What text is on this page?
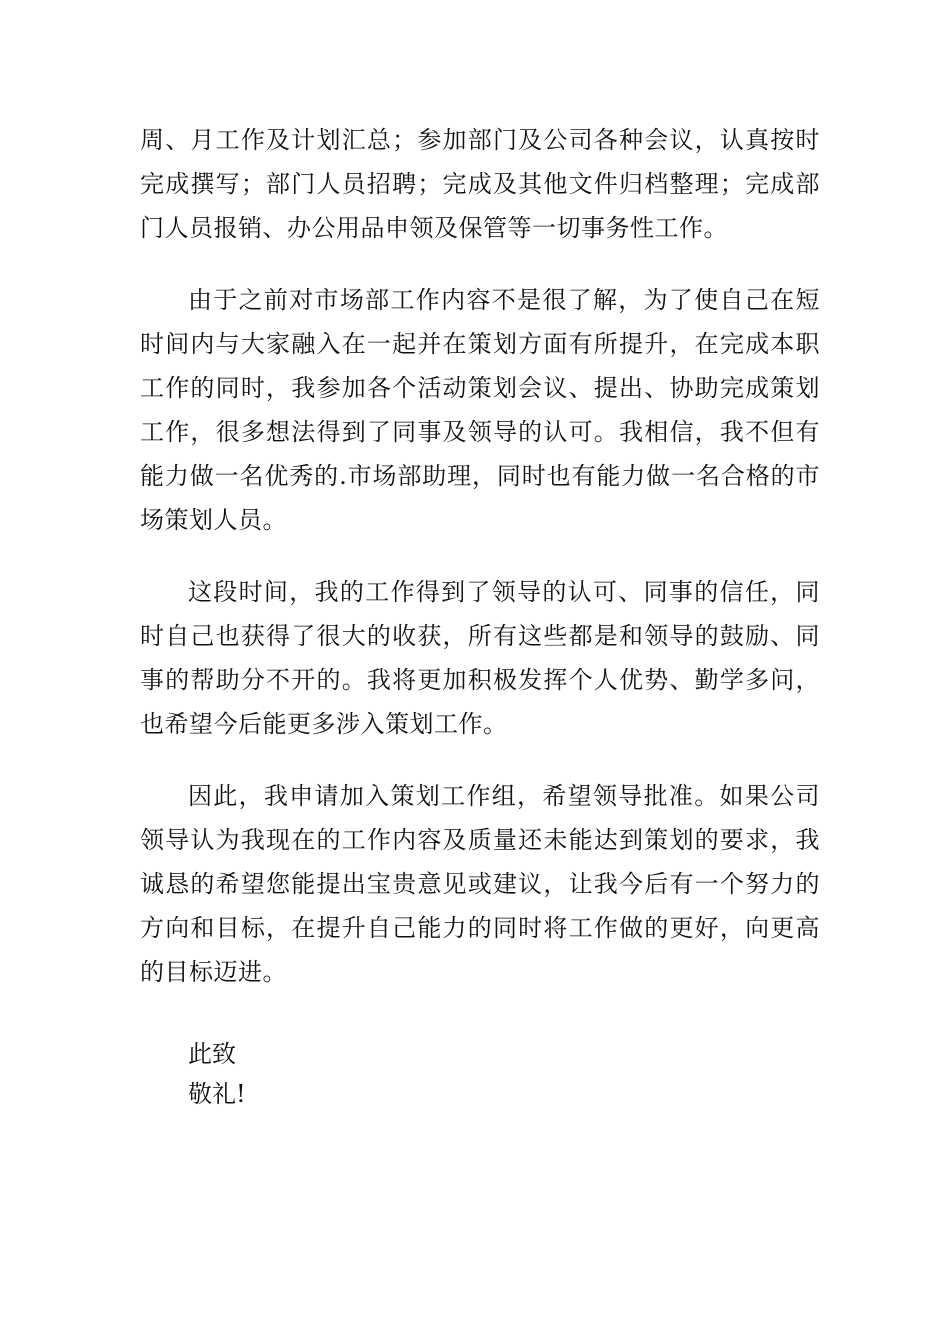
周、月工作及计划汇总；参加部门及公司各种会议，认真按时完成撰写；部门人员招聘；完成及其他文件归档整理；完成部门人员报销、办公用品申领及保管等一切事务性工作。

由于之前对市场部工作内容不是很了解，为了使自己在短时间内与大家融入在一起并在策划方面有所提升，在完成本职工作的同时，我参加各个活动策划会议、提出、协助完成策划工作，很多想法得到了同事及领导的认可。我相信，我不但有能力做一名优秀的.市场部助理，同时也有能力做一名合格的市场策划人员。

这段时间，我的工作得到了领导的认可、同事的信任，同时自己也获得了很大的收获，所有这些都是和领导的鼓励、同事的帮助分不开的。我将更加积极发挥个人优势、勤学多问，也希望今后能更多涉入策划工作。

因此，我申请加入策划工作组，希望领导批准。如果公司领导认为我现在的工作内容及质量还未能达到策划的要求，我诚恳的希望您能提出宝贵意见或建议，让我今后有一个努力的方向和目标，在提升自己能力的同时将工作做的更好，向更高的目标迈进。

此致
敬礼!
